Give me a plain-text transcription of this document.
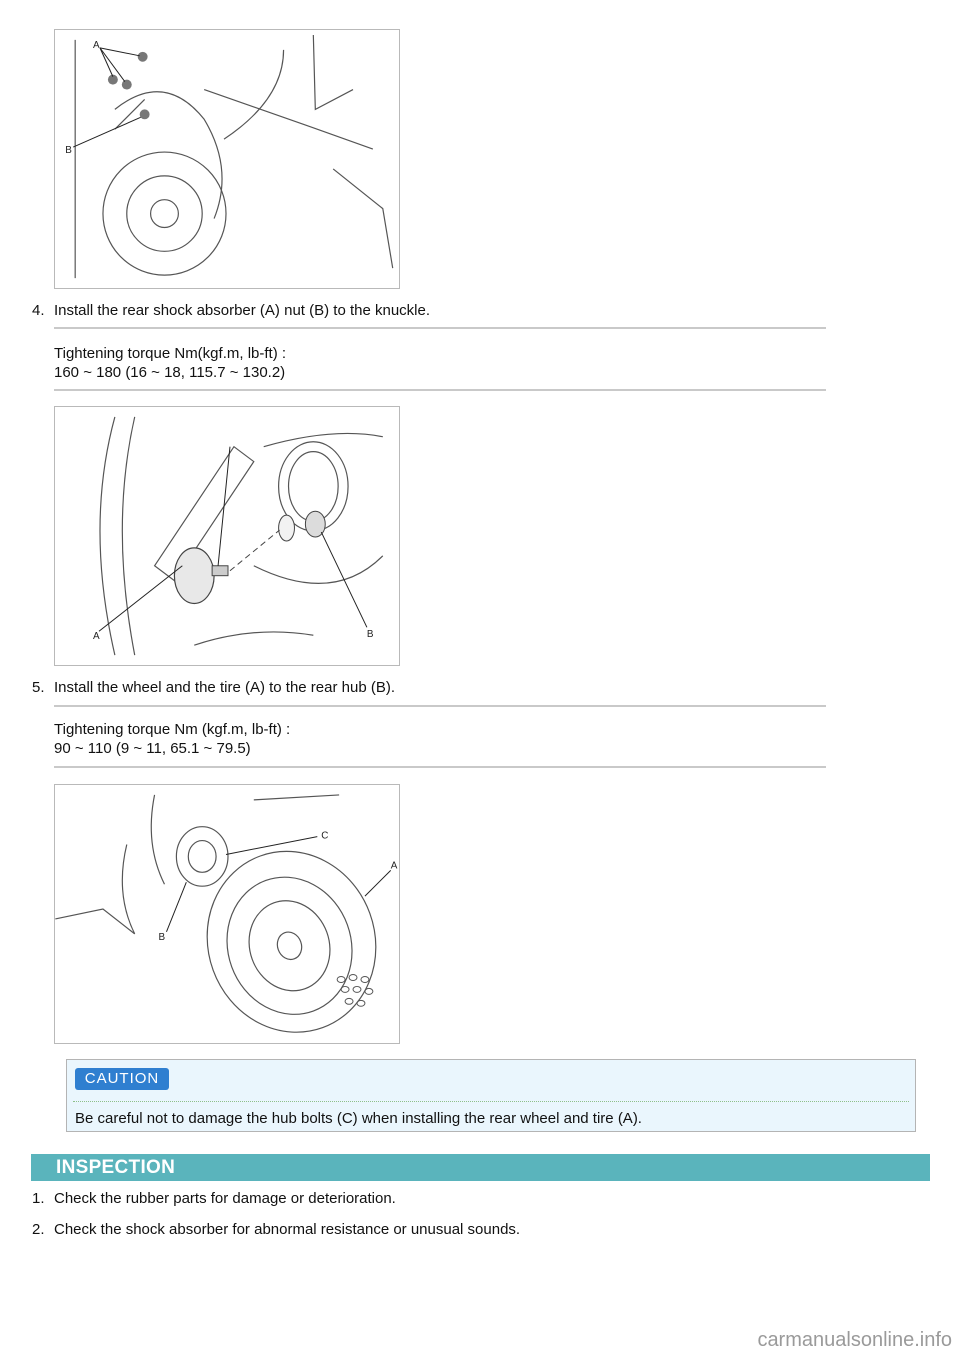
A
B
4. Install the rear shock absorber (A) nut (B) to the knuckle.
Tightening torque Nm(kgf.m, lb-ft) :
160 ~ 180 (16 ~ 18, 115.7 ~ 130.2)
A	B
5. Install the wheel and the tire (A) to the rear hub (B).
Tightening torque Nm (kgf.m, lb-ft) :
90 ~ 110 (9 ~ 11, 65.1 ~ 79.5)
C
A
B
CAUTION
Be careful not to damage the hub bolts (C) when installing the rear wheel and tire (A).
INSPECTION
1. Check the rubber parts for damage or deterioration.
2. Check the shock absorber for abnormal resistance or unusual sounds.
carmanualsonline.info
